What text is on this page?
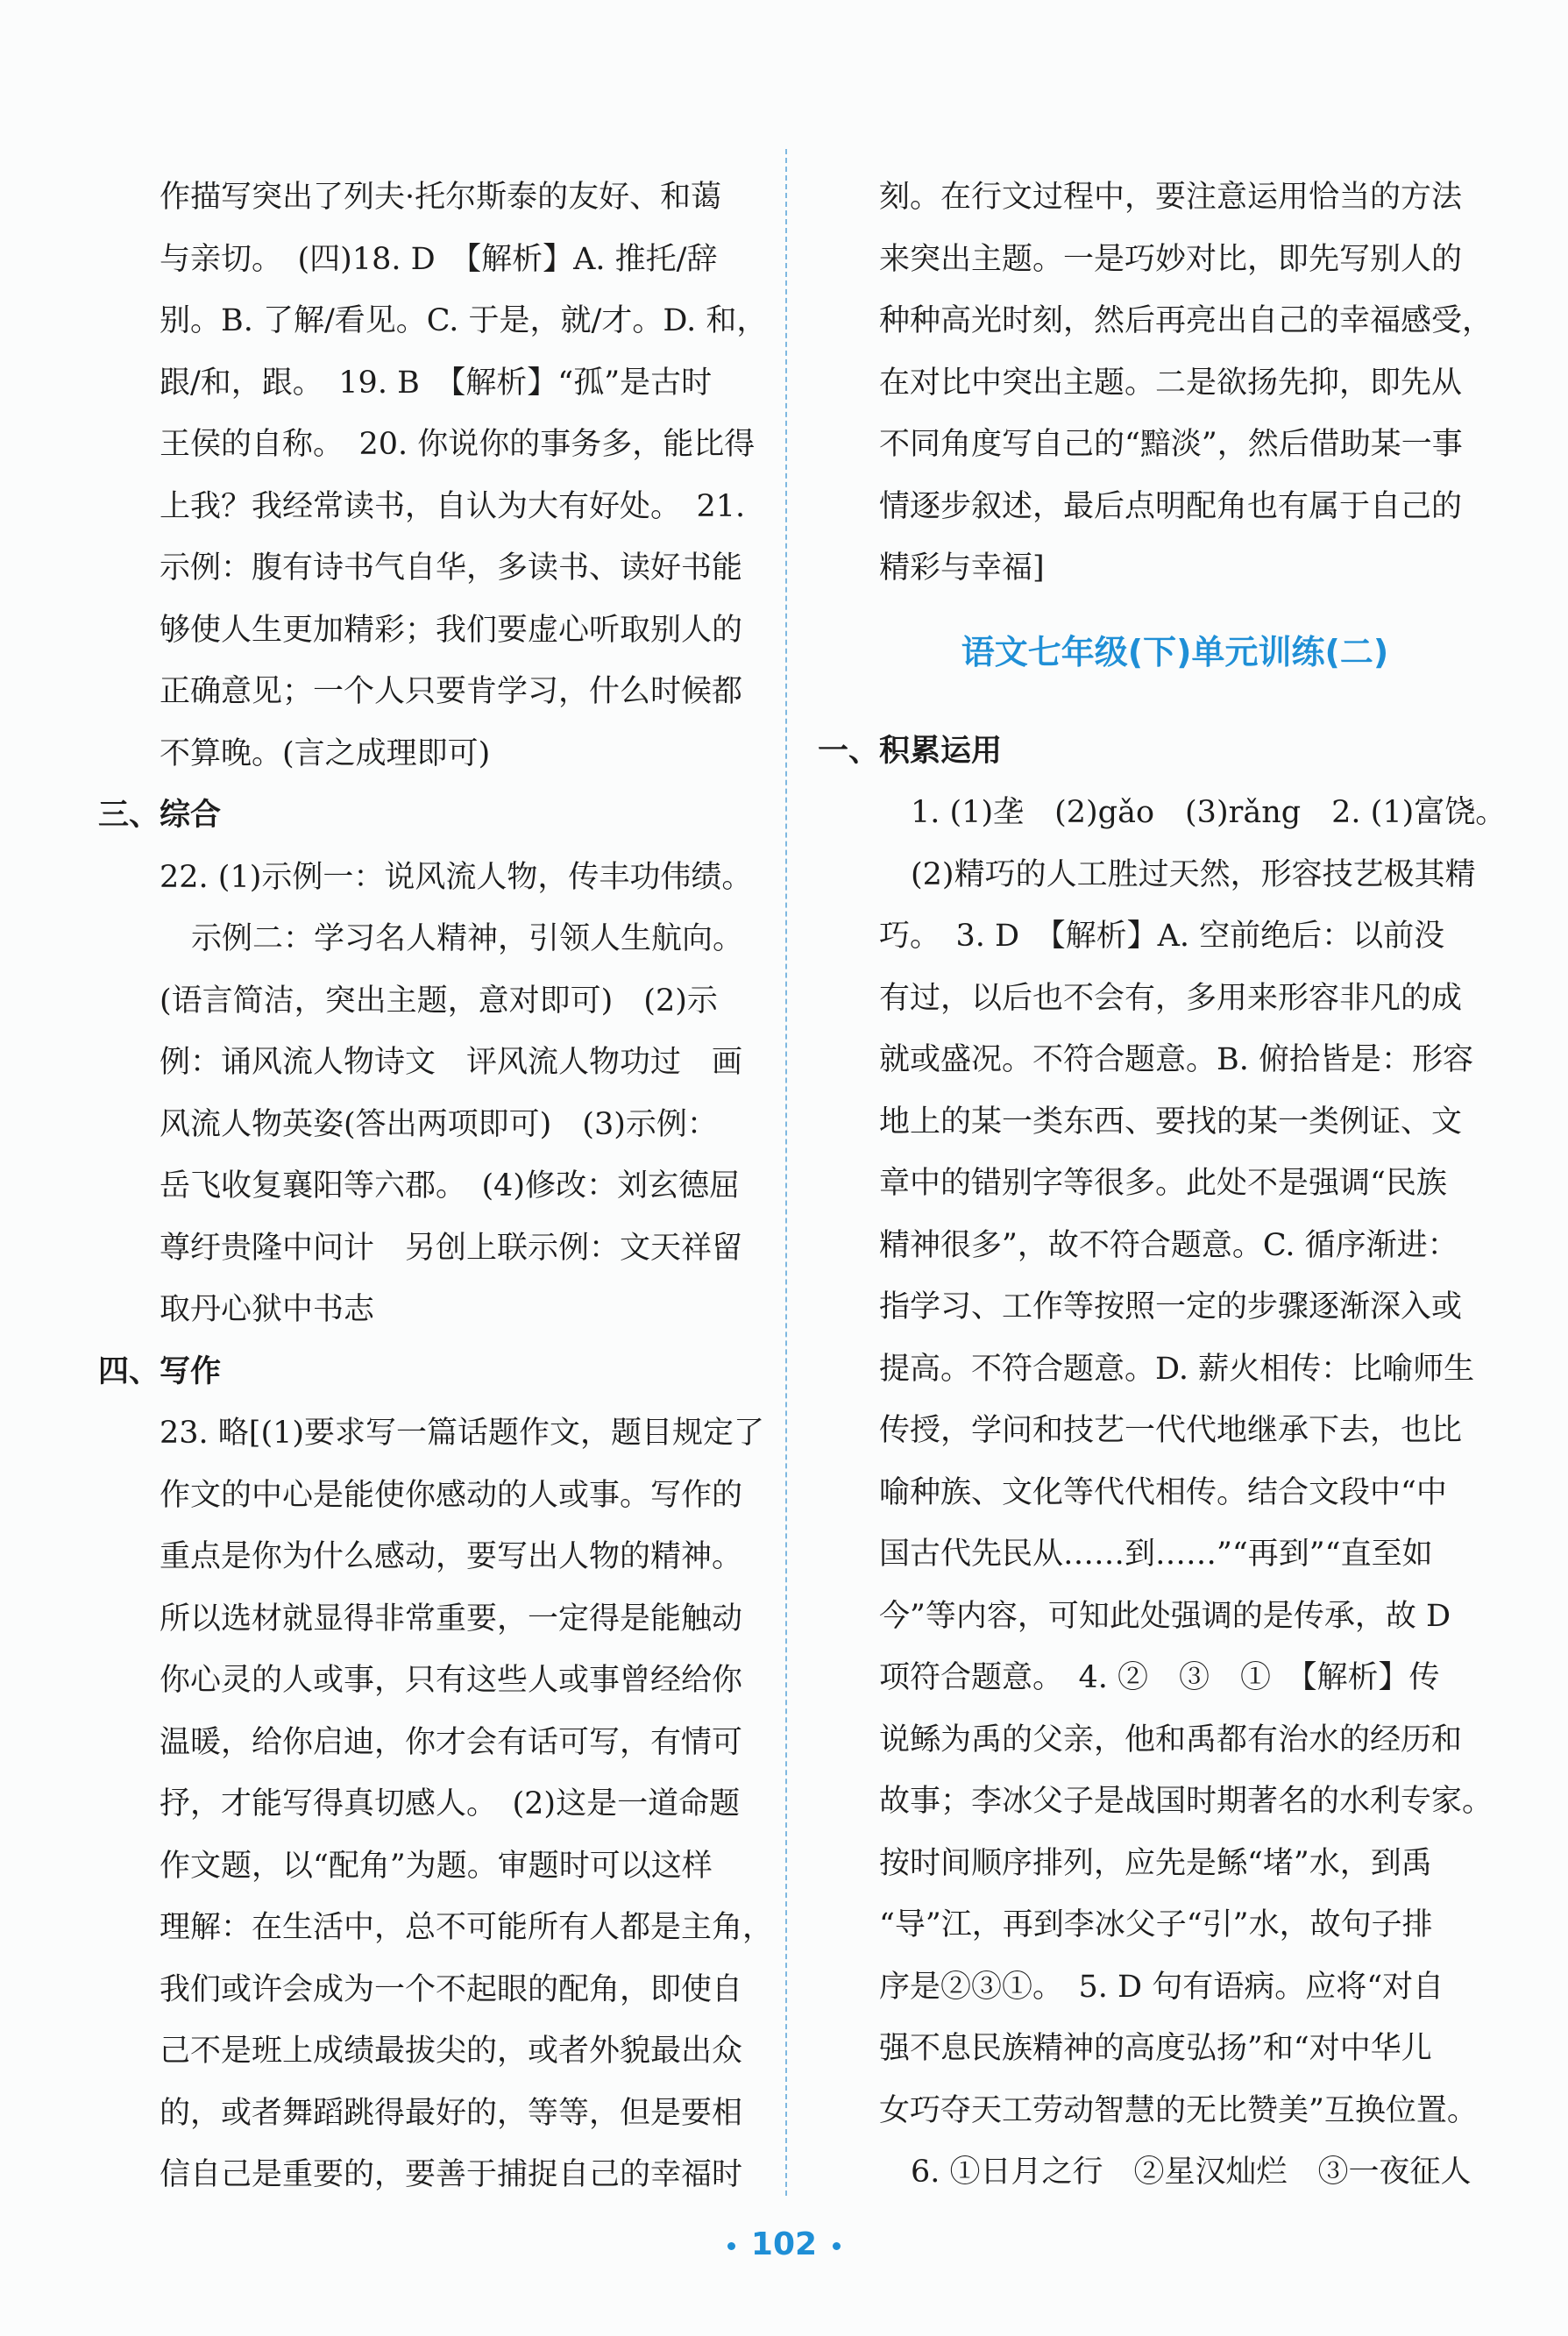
作描写突出了列夫·托尔斯泰的友好、和蔼

与亲切。　(四)18. D　【解析】A. 推托/辞

别。B. 了解/看见。C. 于是，就/才。D. 和，

跟/和，跟。　19. B　【解析】“孤”是古时

王侯的自称。　20. 你说你的事务多，能比得

上我？我经常读书，自认为大有好处。　21.

示例：腹有诗书气自华，多读书、读好书能

够使人生更加精彩；我们要虚心听取别人的

正确意见；一个人只要肯学习，什么时候都

不算晚。(言之成理即可)

三、综合

22. (1)示例一：说风流人物，传丰功伟绩。

示例二：学习名人精神，引领人生航向。

(语言简洁，突出主题，意对即可)　(2)示

例：诵风流人物诗文　评风流人物功过　画

风流人物英姿(答出两项即可)　(3)示例：

岳飞收复襄阳等六郡。　(4)修改：刘玄德屈

尊纡贵隆中问计　另创上联示例：文天祥留

取丹心狱中书志

四、写作

23. 略[(1)要求写一篇话题作文，题目规定了

作文的中心是能使你感动的人或事。写作的

重点是你为什么感动，要写出人物的精神。

所以选材就显得非常重要，一定得是能触动

你心灵的人或事，只有这些人或事曾经给你

温暖，给你启迪，你才会有话可写，有情可

抒，才能写得真切感人。　(2)这是一道命题

作文题，以“配角”为题。审题时可以这样

理解：在生活中，总不可能所有人都是主角，

我们或许会成为一个不起眼的配角，即使自

己不是班上成绩最拔尖的，或者外貌最出众

的，或者舞蹈跳得最好的，等等，但是要相

信自己是重要的，要善于捕捉自己的幸福时

刻。在行文过程中，要注意运用恰当的方法

来突出主题。一是巧妙对比，即先写别人的

种种高光时刻，然后再亮出自己的幸福感受，

在对比中突出主题。二是欲扬先抑，即先从

不同角度写自己的“黯淡”，然后借助某一事

情逐步叙述，最后点明配角也有属于自己的

精彩与幸福]

语文七年级(下)单元训练(二)

一、积累运用

1. (1)垄　(2)gǎo　(3)rǎng　2. (1)富饶。

(2)精巧的人工胜过天然，形容技艺极其精

巧。　3. D　【解析】A. 空前绝后：以前没

有过，以后也不会有，多用来形容非凡的成

就或盛况。不符合题意。B. 俯拾皆是：形容

地上的某一类东西、要找的某一类例证、文

章中的错别字等很多。此处不是强调“民族

精神很多”，故不符合题意。C. 循序渐进：

指学习、工作等按照一定的步骤逐渐深入或

提高。不符合题意。D. 薪火相传：比喻师生

传授，学问和技艺一代代地继承下去，也比

喻种族、文化等代代相传。结合文段中“中

国古代先民从……到……”“再到”“直至如

今”等内容，可知此处强调的是传承，故 D

项符合题意。　4. ②　③　①　【解析】传

说鲧为禹的父亲，他和禹都有治水的经历和

故事；李冰父子是战国时期著名的水利专家。

按时间顺序排列，应先是鲧“堵”水，到禹

“导”江，再到李冰父子“引”水，故句子排

序是②③①。　5. D 句有语病。应将“对自

强不息民族精神的高度弘扬”和“对中华儿

女巧夺天工劳动智慧的无比赞美”互换位置。

6. ①日月之行　②星汉灿烂　③一夜征人

102
